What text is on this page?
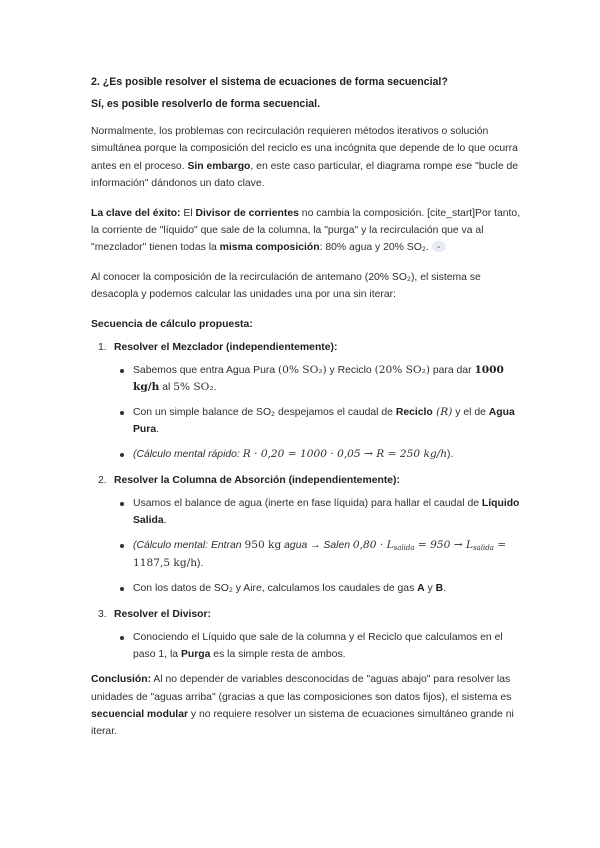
2. ¿Es posible resolver el sistema de ecuaciones de forma secuencial?
Sí, es posible resolverlo de forma secuencial.

Normalmente, los problemas con recirculación requieren métodos iterativos o solución simultánea porque la composición del reciclo es una incógnita que depende de lo que ocurra antes en el proceso. Sin embargo, en este caso particular, el diagrama rompe ese "bucle de información" dándonos un dato clave.

La clave del éxito: El Divisor de corrientes no cambia la composición. [cite_start]Por tanto, la corriente de "líquido" que sale de la columna, la "purga" y la recirculación que va al "mezclador" tienen todas la misma composición: 80% agua y 20% SO₂. ⌄

Al conocer la composición de la recirculación de antemano (20% SO₂), el sistema se desacopla y podemos calcular las unidades una por una sin iterar:

Secuencia de cálculo propuesta:
1. Resolver el Mezclador (independientemente):
Sabemos que entra Agua Pura (0% SO₂) y Reciclo (20% SO₂) para dar 1000 kg/h al 5% SO₂.
Con un simple balance de SO₂ despejamos el caudal de Reciclo (R) y el de Agua Pura.
(Cálculo mental rápido: R · 0,20 = 1000 · 0,05 → R = 250 kg/h).
2. Resolver la Columna de Absorción (independientemente):
Usamos el balance de agua (inerte en fase líquida) para hallar el caudal de Líquido Salida.
(Cálculo mental: Entran 950 kg agua → Salen 0,80 · Lsalida = 950 → Lsalida = 1187,5 kg/h).
Con los datos de SO₂ y Aire, calculamos los caudales de gas A y B.
3. Resolver el Divisor:
Conociendo el Líquido que sale de la columna y el Reciclo que calculamos en el paso 1, la Purga es la simple resta de ambos.

Conclusión: Al no depender de variables desconocidas de "aguas abajo" para resolver las unidades de "aguas arriba" (gracias a que las composiciones son datos fijos), el sistema es secuencial modular y no requiere resolver un sistema de ecuaciones simultáneo grande ni iterar.
